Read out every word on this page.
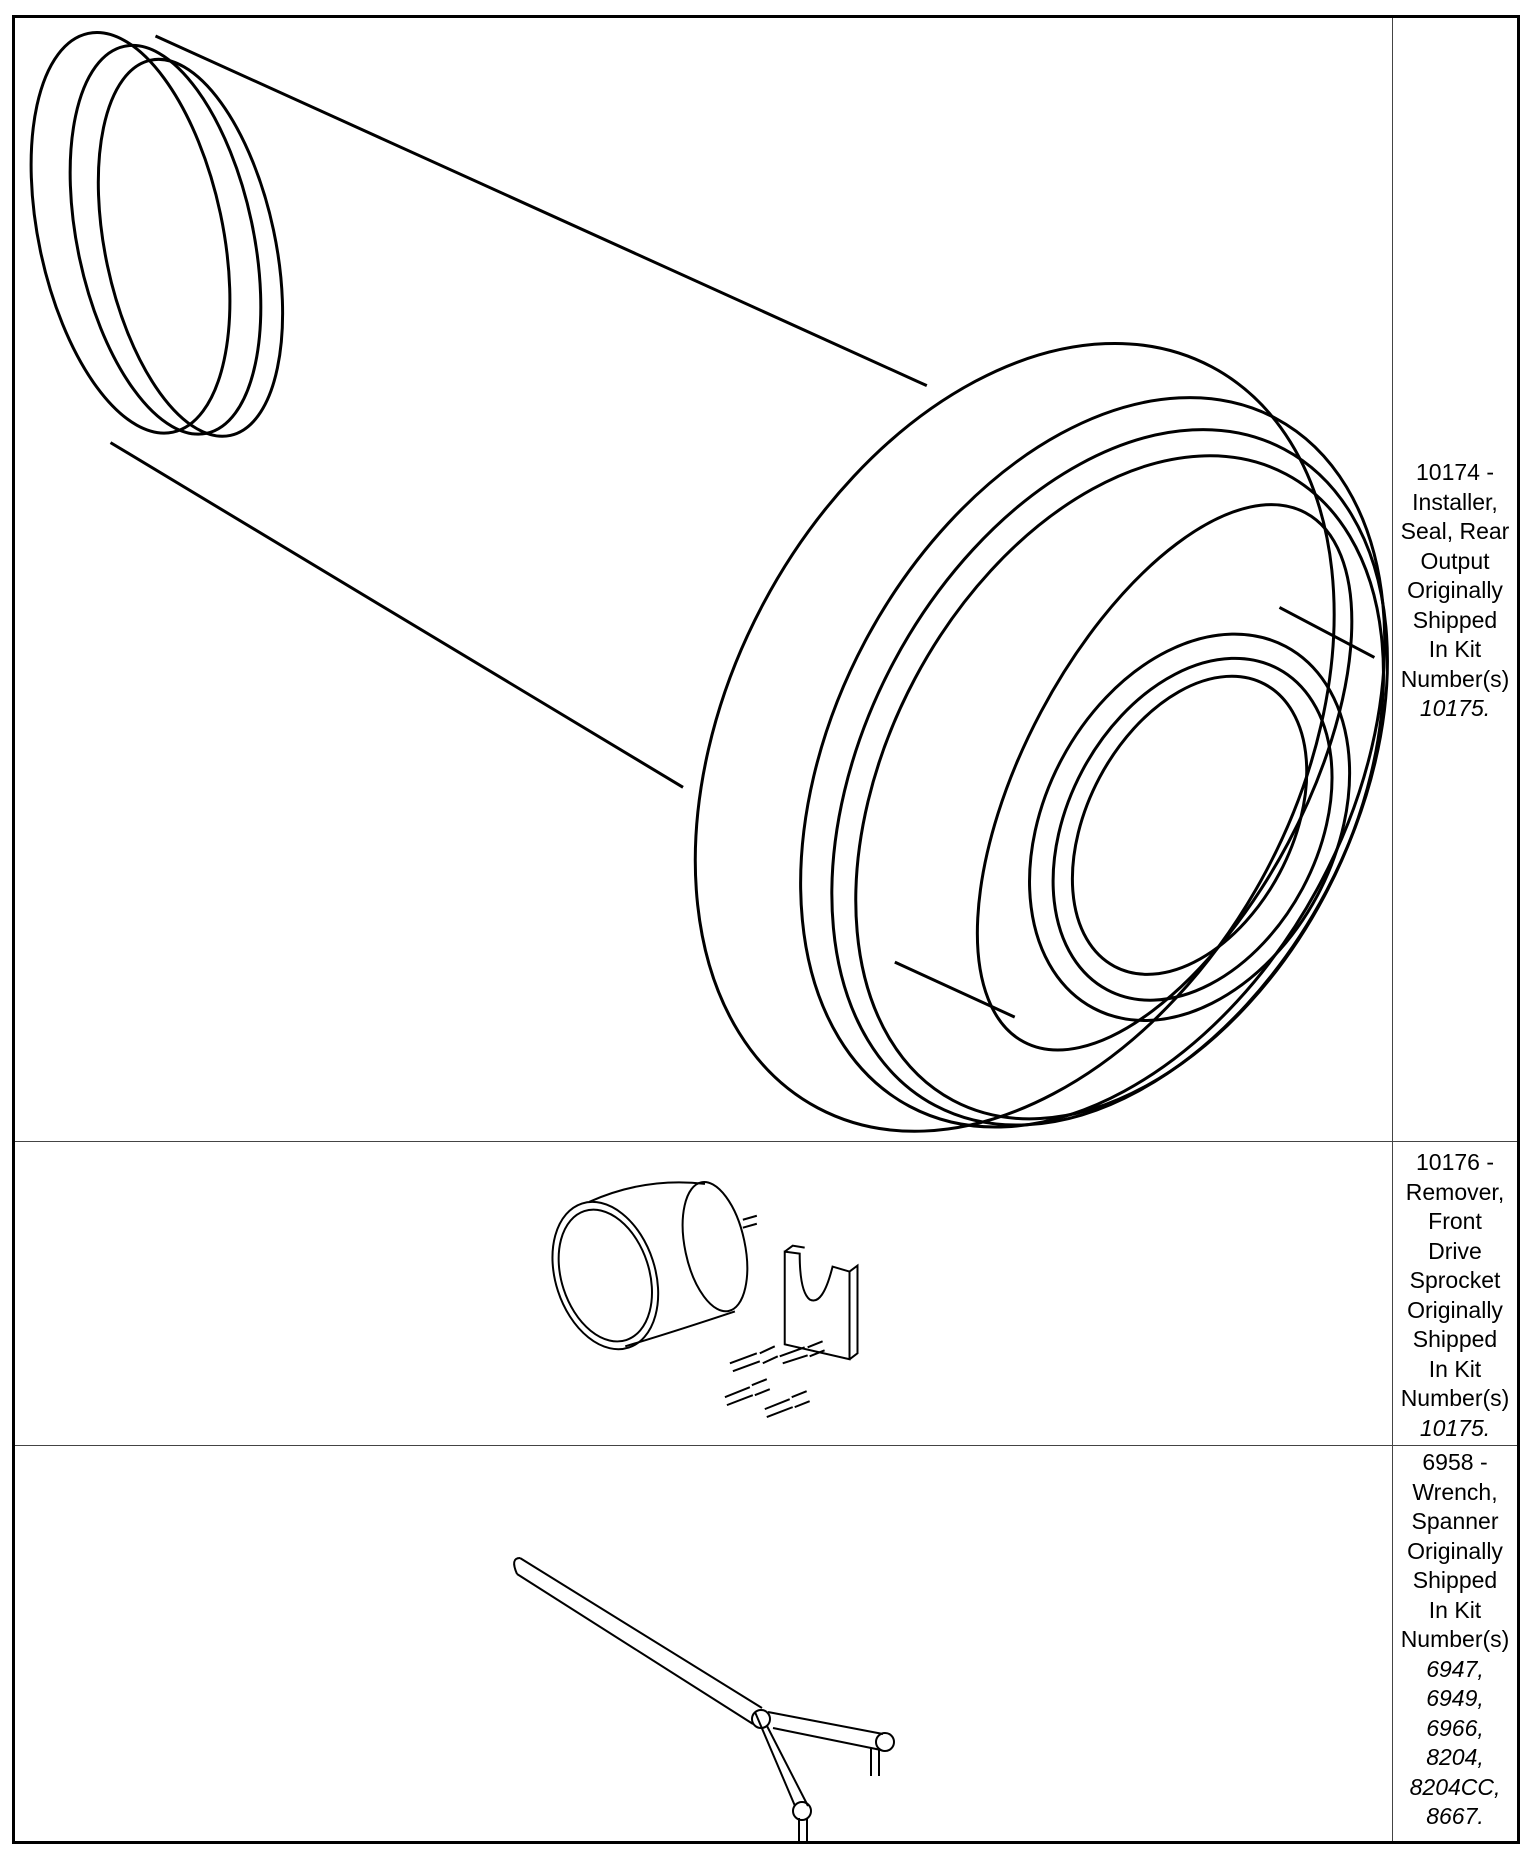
10174 -
Installer,
Seal, Rear
Output
Originally
Shipped
In Kit
Number(s)
10175.
10176 -
Remover,
Front
Drive
Sprocket
Originally
Shipped
In Kit
Number(s)
10175.
6958 -
Wrench,
Spanner
Originally
Shipped
In Kit
Number(s)
6947,
6949,
6966,
8204,
8204CC,
8667.
